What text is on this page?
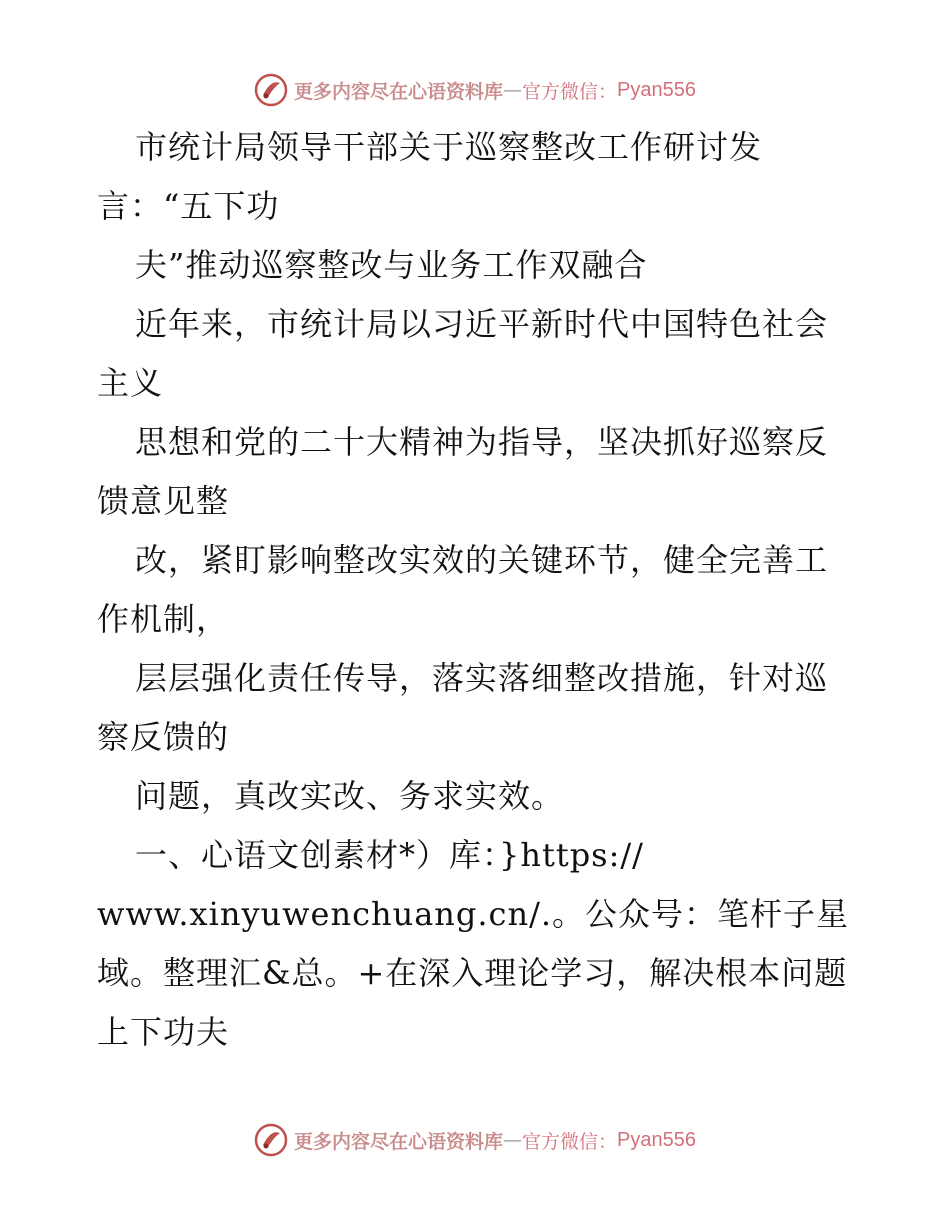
更多内容尽在心语资料库 — 官方微信： Pyan556
市统计局领导干部关于巡察整改工作研讨发
言：“五下功
夫”推动巡察整改与业务工作双融合
近年来，市统计局以习近平新时代中国特色社会
主义
思想和党的二十大精神为指导，坚决抓好巡察反
馈意见整
改，紧盯影响整改实效的关键环节，健全完善工
作机制，
层层强化责任传导，落实落细整改措施，针对巡
察反馈的
问题，真改实改、务求实效。
一、心语文创素材*）库：}https://
www.xinyuwenchuang.cn/.。公众号：笔杆子星
域。整理汇&总。+在深入理论学习，解决根本问题
上下功夫
更多内容尽在心语资料库 — 官方微信： Pyan556
